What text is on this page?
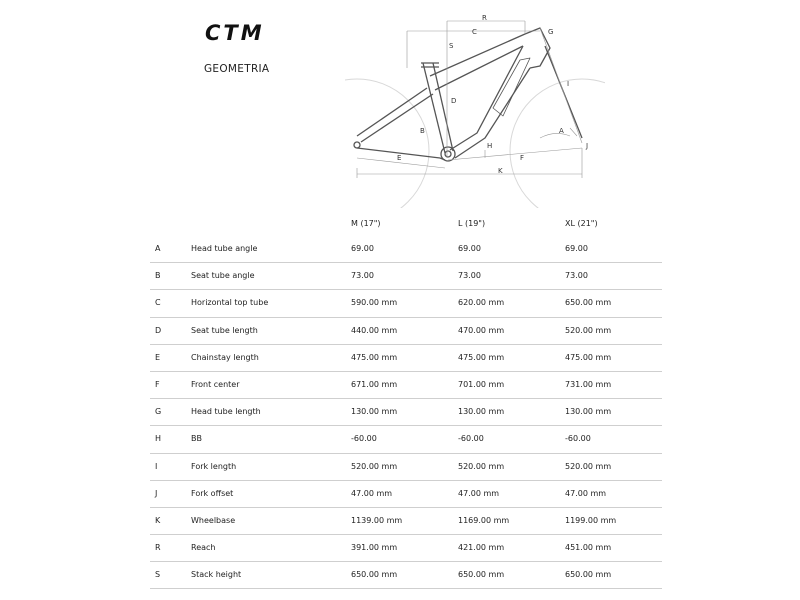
CTM
GEOMETRIA
R
C
S
G
D
I
B	A
H
F
J
E
K
M (17")	L (19")	XL (21")
A	Head tube angle	69.00	69.00	69.00
B	Seat tube angle	73.00	73.00	73.00
C	Horizontal top tube	590.00 mm	620.00 mm	650.00 mm
D	Seat tube length	440.00 mm	470.00 mm	520.00 mm
E	Chainstay length	475.00 mm	475.00 mm	475.00 mm
F	Front center	671.00 mm	701.00 mm	731.00 mm
G	Head tube length	130.00 mm	130.00 mm	130.00 mm
H	BB	-60.00	-60.00	-60.00
I	Fork length	520.00 mm	520.00 mm	520.00 mm
J	Fork offset	47.00 mm	47.00 mm	47.00 mm
K	Wheelbase	1139.00 mm	1169.00 mm	1199.00 mm
R	Reach	391.00 mm	421.00 mm	451.00 mm
S	Stack height	650.00 mm	650.00 mm	650.00 mm
